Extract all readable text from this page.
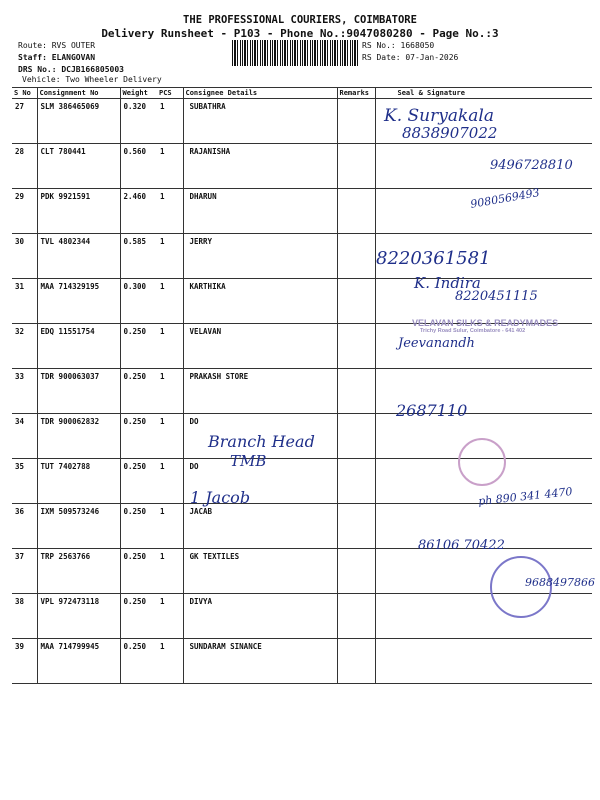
THE PROFESSIONAL COURIERS, COIMBATORE
Delivery Runsheet - P103 - Phone No.:9047080280 - Page No.:3
Route: RVS OUTER
Staff: ELANGOVAN
DRS No.: DCJB166805003
Vehicle: Two Wheeler Delivery
RS No.: 1668050
RS Date: 07-Jan-2026
S No	Consignment No	Weight	PCS	Consignee Details	Remarks	Seal & Signature
27	SLM 386465069	0.320	1	SUBATHRA		
28	CLT 780441	0.560	1	RAJANISHA		
29	PDK 9921591	2.460	1	DHARUN		
30	TVL 4802344	0.585	1	JERRY		
31	MAA 714329195	0.300	1	KARTHIKA		
32	EDQ 11551754	0.250	1	VELAVAN		
33	TDR 900063037	0.250	1	PRAKASH STORE		
34	TDR 900062832	0.250	1	DO		
35	TUT 7402788	0.250	1	DO		
36	IXM 509573246	0.250	1	JACAB		
37	TRP 2563766	0.250	1	GK TEXTILES		
38	VPL 972473118	0.250	1	DIVYA		
39	MAA 714799945	0.250	1	SUNDARAM SINANCE		
K. Suryakala
8838907022
9496728810
9080569493
8220361581
K. Indira
8220451115
VELAVAN SILKS & READYMADES
Trichy Road Sulur, Coimbatore - 641 402
Jeevanandh
2687110
Branch Head
TMB
1 Jacob	ph 890 341 4470
86106 70422
9688497866
